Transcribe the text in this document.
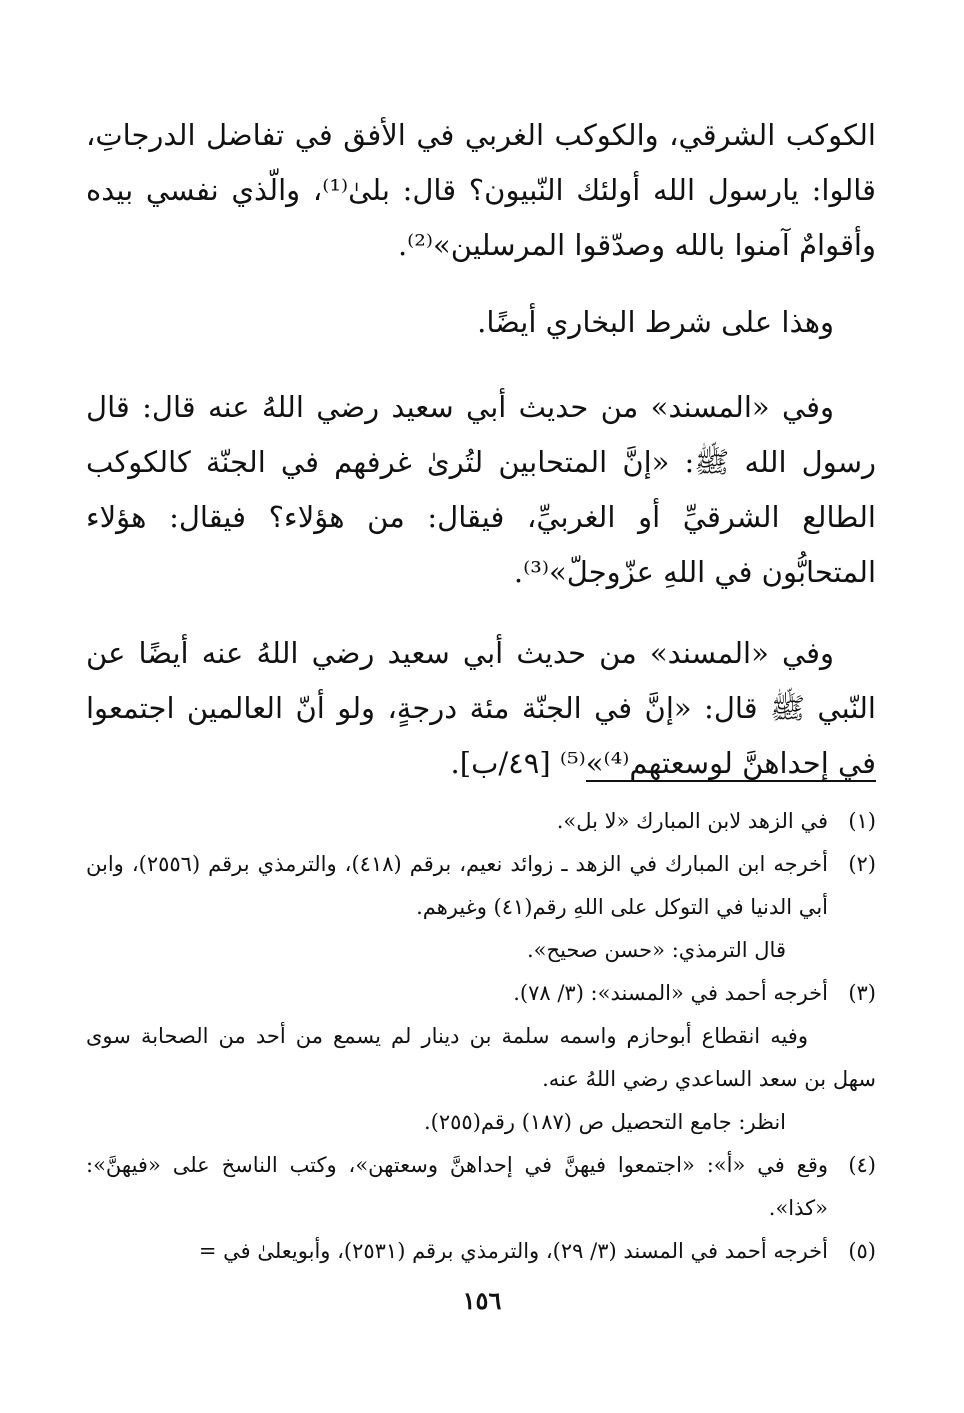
الكوكب الشرقي، والكوكب الغربي في الأفق في تفاضل الدرجاتِ، قالوا: يارسول الله أولئك النّبيون؟ قال: بلىٰ⁽¹⁾، والّذي نفسي بيده وأقوامٌ آمنوا بالله وصدّقوا المرسلين»⁽²⁾.

وهذا على شرط البخاري أيضًا.

وفي «المسند» من حديث أبي سعيد رضي اللهُ عنه قال: قال رسول الله ﷺ: «إنَّ المتحابين لتُرىٰ غرفهم في الجنّة كالكوكب الطالع الشرقيِّ أو الغربيِّ، فيقال: من هؤلاء؟ فيقال: هؤلاء المتحابُّون في اللهِ عزّوجلّ»⁽³⁾.

وفي «المسند» من حديث أبي سعيد رضي اللهُ عنه أيضًا عن النّبي ﷺ قال: «إنَّ في الجنّة مئة درجةٍ، ولو أنّ العالمين اجتمعوا في إحداهنَّ لوسعتهم⁽⁴⁾»⁽⁵⁾ [٤٩/ب].

(١)
في الزهد لابن المبارك «لا بل».
(٢)
أخرجه ابن المبارك في الزهد ـ زوائد نعيم، برقم (٤١٨)، والترمذي برقم (٢٥٥٦)، وابن أبي الدنيا في التوكل على اللهِ رقم(٤١) وغيرهم.
قال الترمذي: «حسن صحيح».
(٣)
أخرجه أحمد في «المسند»: (٣/ ٧٨).
وفيه انقطاع أبوحازم واسمه سلمة بن دينار لم يسمع من أحد من الصحابة سوى سهل بن سعد الساعدي رضي اللهُ عنه.
انظر: جامع التحصيل ص (١٨٧) رقم(٢٥٥).
(٤)
وقع في «أ»: «اجتمعوا فيهنَّ في إحداهنَّ وسعتهن»، وكتب الناسخ على «فيهنَّ»: «كذا».
(٥)
أخرجه أحمد في المسند (٣/ ٢٩)، والترمذي برقم (٢٥٣١)، وأبويعلىٰ في =
١٥٦
